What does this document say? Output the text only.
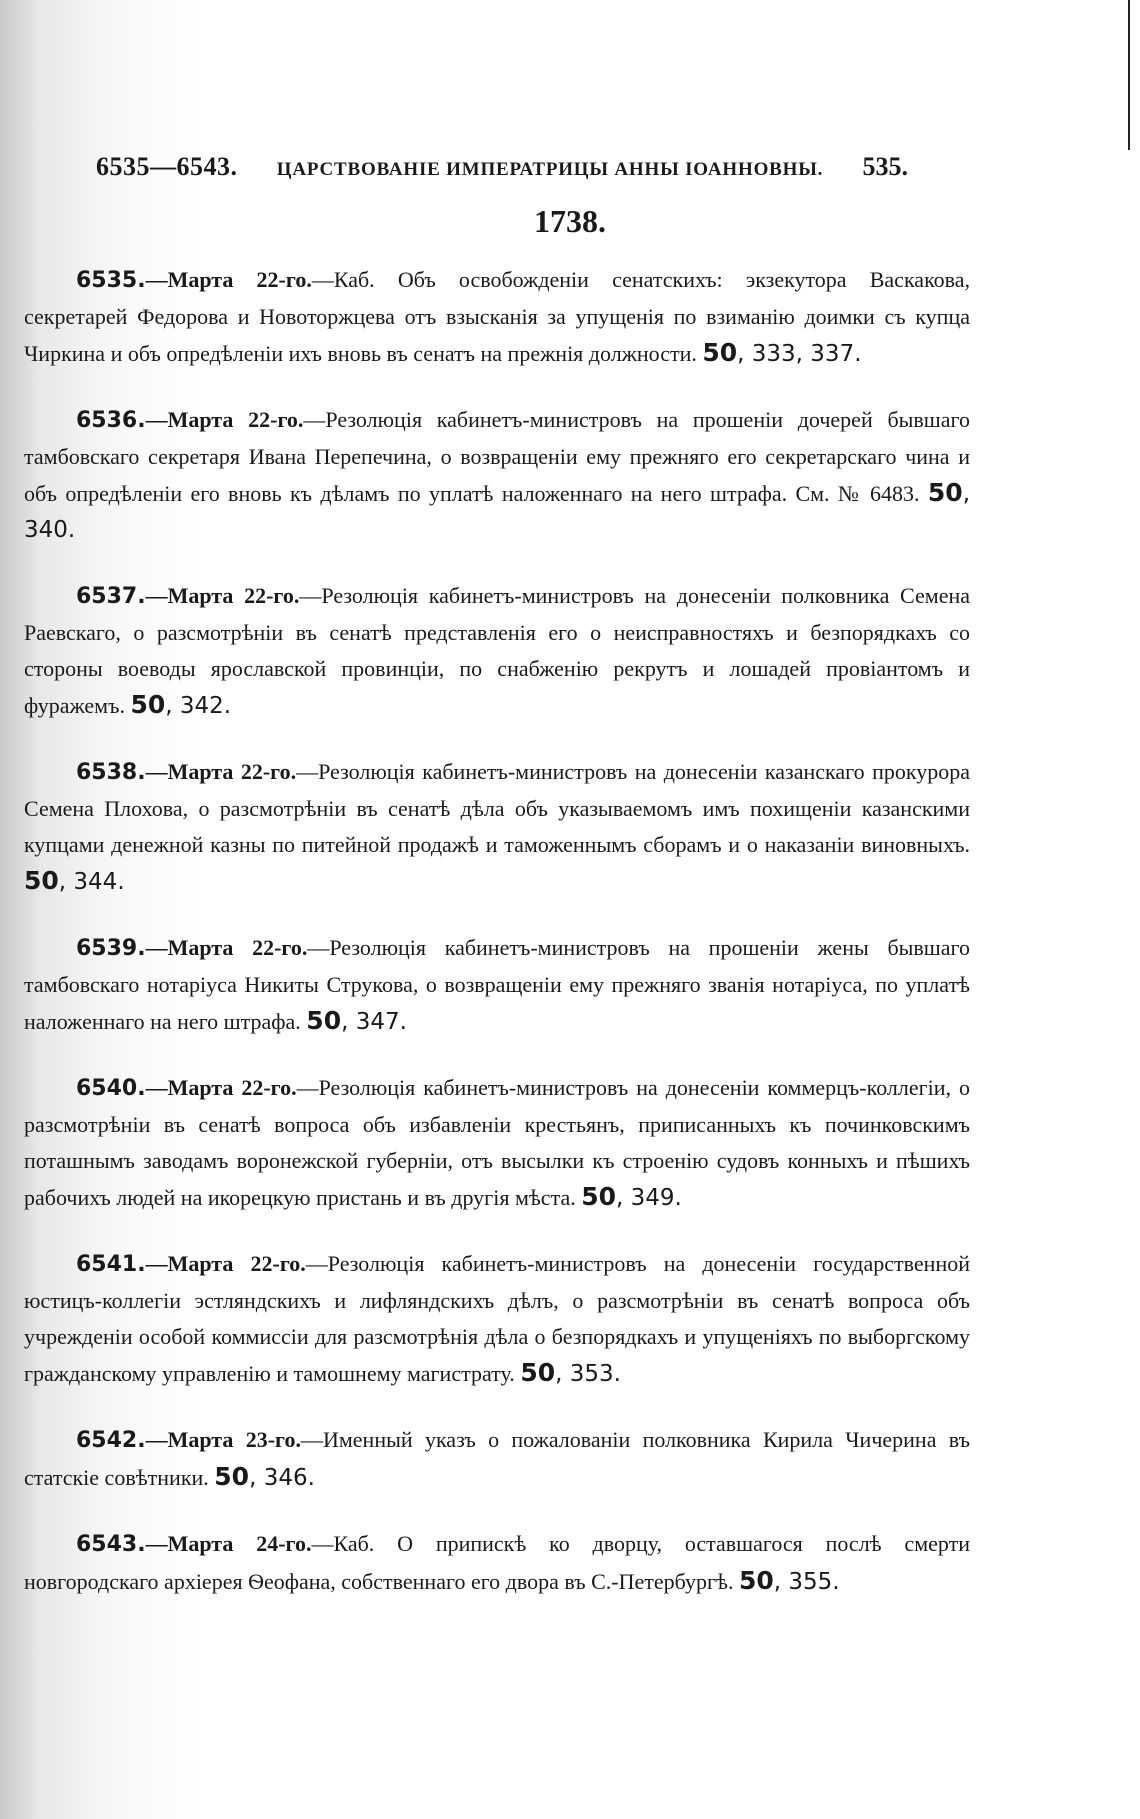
6535—6543. ЦАРСТВОВАНІЕ ИМПЕРАТРИЦЫ АННЫ ІОАННОВНЫ. 535.
1738.

6535.—Марта 22-го.—Каб. Объ освобожденіи сенатскихъ: экзекутора Васкакова, секретарей Федорова и Новоторжцева отъ взысканія за упущенія по взиманію доимки съ купца Чиркина и объ опредѣленіи ихъ вновь въ сенатъ на прежнія должности. 50, 333, 337.

6536.—Марта 22-го.—Резолюція кабинетъ-министровъ на прошеніи дочерей бывшаго тамбовскаго секретаря Ивана Перепечина, о возвращеніи ему прежняго его секретарскаго чина и объ опредѣленіи его вновь къ дѣламъ по уплатѣ наложеннаго на него штрафа. См. № 6483. 50, 340.

6537.—Марта 22-го.—Резолюція кабинетъ-министровъ на донесеніи полковника Семена Раевскаго, о разсмотрѣніи въ сенатѣ представленія его о неисправностяхъ и безпорядкахъ со стороны воеводы ярославской провинціи, по снабженію рекрутъ и лошадей провіантомъ и фуражемъ. 50, 342.

6538.—Марта 22-го.—Резолюція кабинетъ-министровъ на донесеніи казанскаго прокурора Семена Плохова, о разсмотрѣніи въ сенатѣ дѣла объ указываемомъ имъ похищеніи казанскими купцами денежной казны по питейной продажѣ и таможеннымъ сборамъ и о наказаніи виновныхъ. 50, 344.

6539.—Марта 22-го.—Резолюція кабинетъ-министровъ на прошеніи жены бывшаго тамбовскаго нотаріуса Никиты Струкова, о возвращеніи ему прежняго званія нотаріуса, по уплатѣ наложеннаго на него штрафа. 50, 347.

6540.—Марта 22-го.—Резолюція кабинетъ-министровъ на донесеніи коммерцъ-коллегіи, о разсмотрѣніи въ сенатѣ вопроса объ избавленіи крестьянъ, приписанныхъ къ починковскимъ поташнымъ заводамъ воронежской губерніи, отъ высылки къ строенію судовъ конныхъ и пѣшихъ рабочихъ людей на икорецкую пристань и въ другія мѣста. 50, 349.

6541.—Марта 22-го.—Резолюція кабинетъ-министровъ на донесеніи государственной юстицъ-коллегіи эстляндскихъ и лифляндскихъ дѣлъ, о разсмотрѣніи въ сенатѣ вопроса объ учрежденіи особой коммиссіи для разсмотрѣнія дѣла о безпорядкахъ и упущеніяхъ по выборгскому гражданскому управленію и тамошнему магистрату. 50, 353.

6542.—Марта 23-го.—Именный указъ о пожалованіи полковника Кирила Чичерина въ статскіе совѣтники. 50, 346.

6543.—Марта 24-го.—Каб. О припискѣ ко дворцу, оставшагося послѣ смерти новгородскаго архіерея Ѳеофана, собственнаго его двора въ С.-Петербургѣ. 50, 355.
